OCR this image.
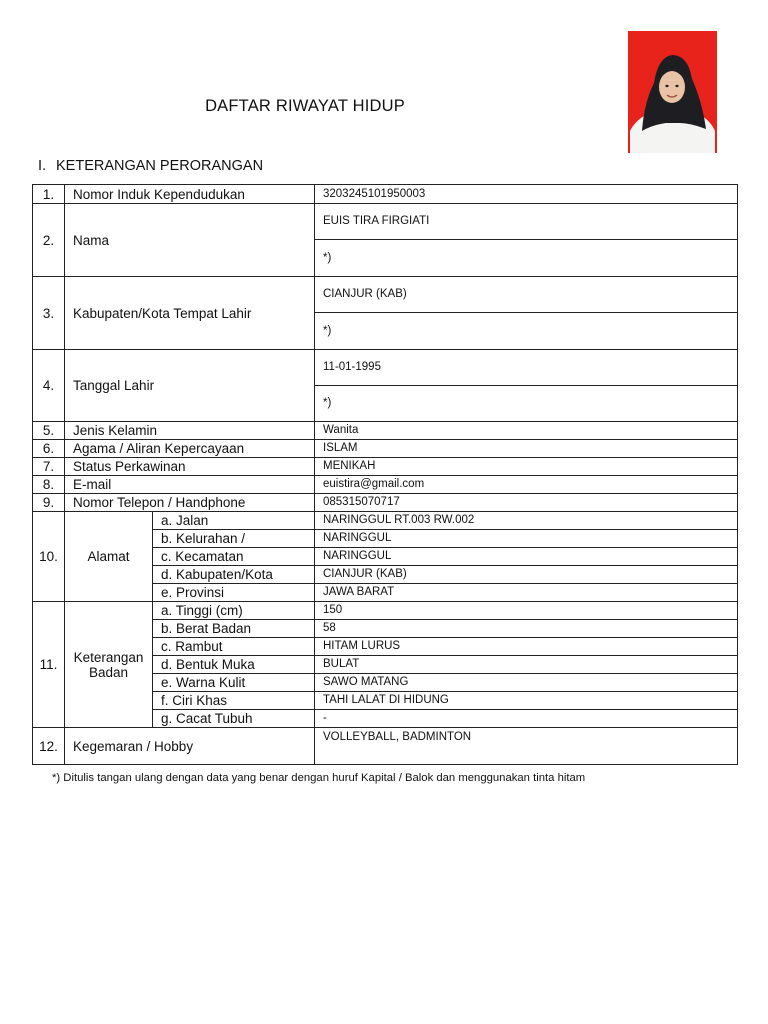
DAFTAR RIWAYAT HIDUP
I. KETERANGAN PERORANGAN
1.	Nomor Induk Kependudukan		3203245101950003
2.	Nama		EUIS TIRA FIRGIATI
			*)
3.	Kabupaten/Kota Tempat Lahir		CIANJUR (KAB)
			*)
4.	Tanggal Lahir		11-01-1995
			*)
5.	Jenis Kelamin		Wanita
6.	Agama / Aliran Kepercayaan		ISLAM
7.	Status Perkawinan		MENIKAH
8.	E-mail		euistira@gmail.com
9.	Nomor Telepon / Handphone		085315070717
10.	Alamat	a. Jalan	NARINGGUL RT.003 RW.002
		b. Kelurahan /	NARINGGUL
		c. Kecamatan	NARINGGUL
		d. Kabupaten/Kota	CIANJUR (KAB)
		e. Provinsi	JAWA BARAT
11.	Keterangan Badan	a. Tinggi (cm)	150
		b. Berat Badan	58
		c. Rambut	HITAM LURUS
		d. Bentuk Muka	BULAT
		e. Warna Kulit	SAWO MATANG
		f. Ciri Khas	TAHI LALAT DI HIDUNG
		g. Cacat Tubuh	-
12.	Kegemaran / Hobby		VOLLEYBALL, BADMINTON
*) Ditulis tangan ulang dengan data yang benar dengan huruf Kapital / Balok dan menggunakan tinta hitam
